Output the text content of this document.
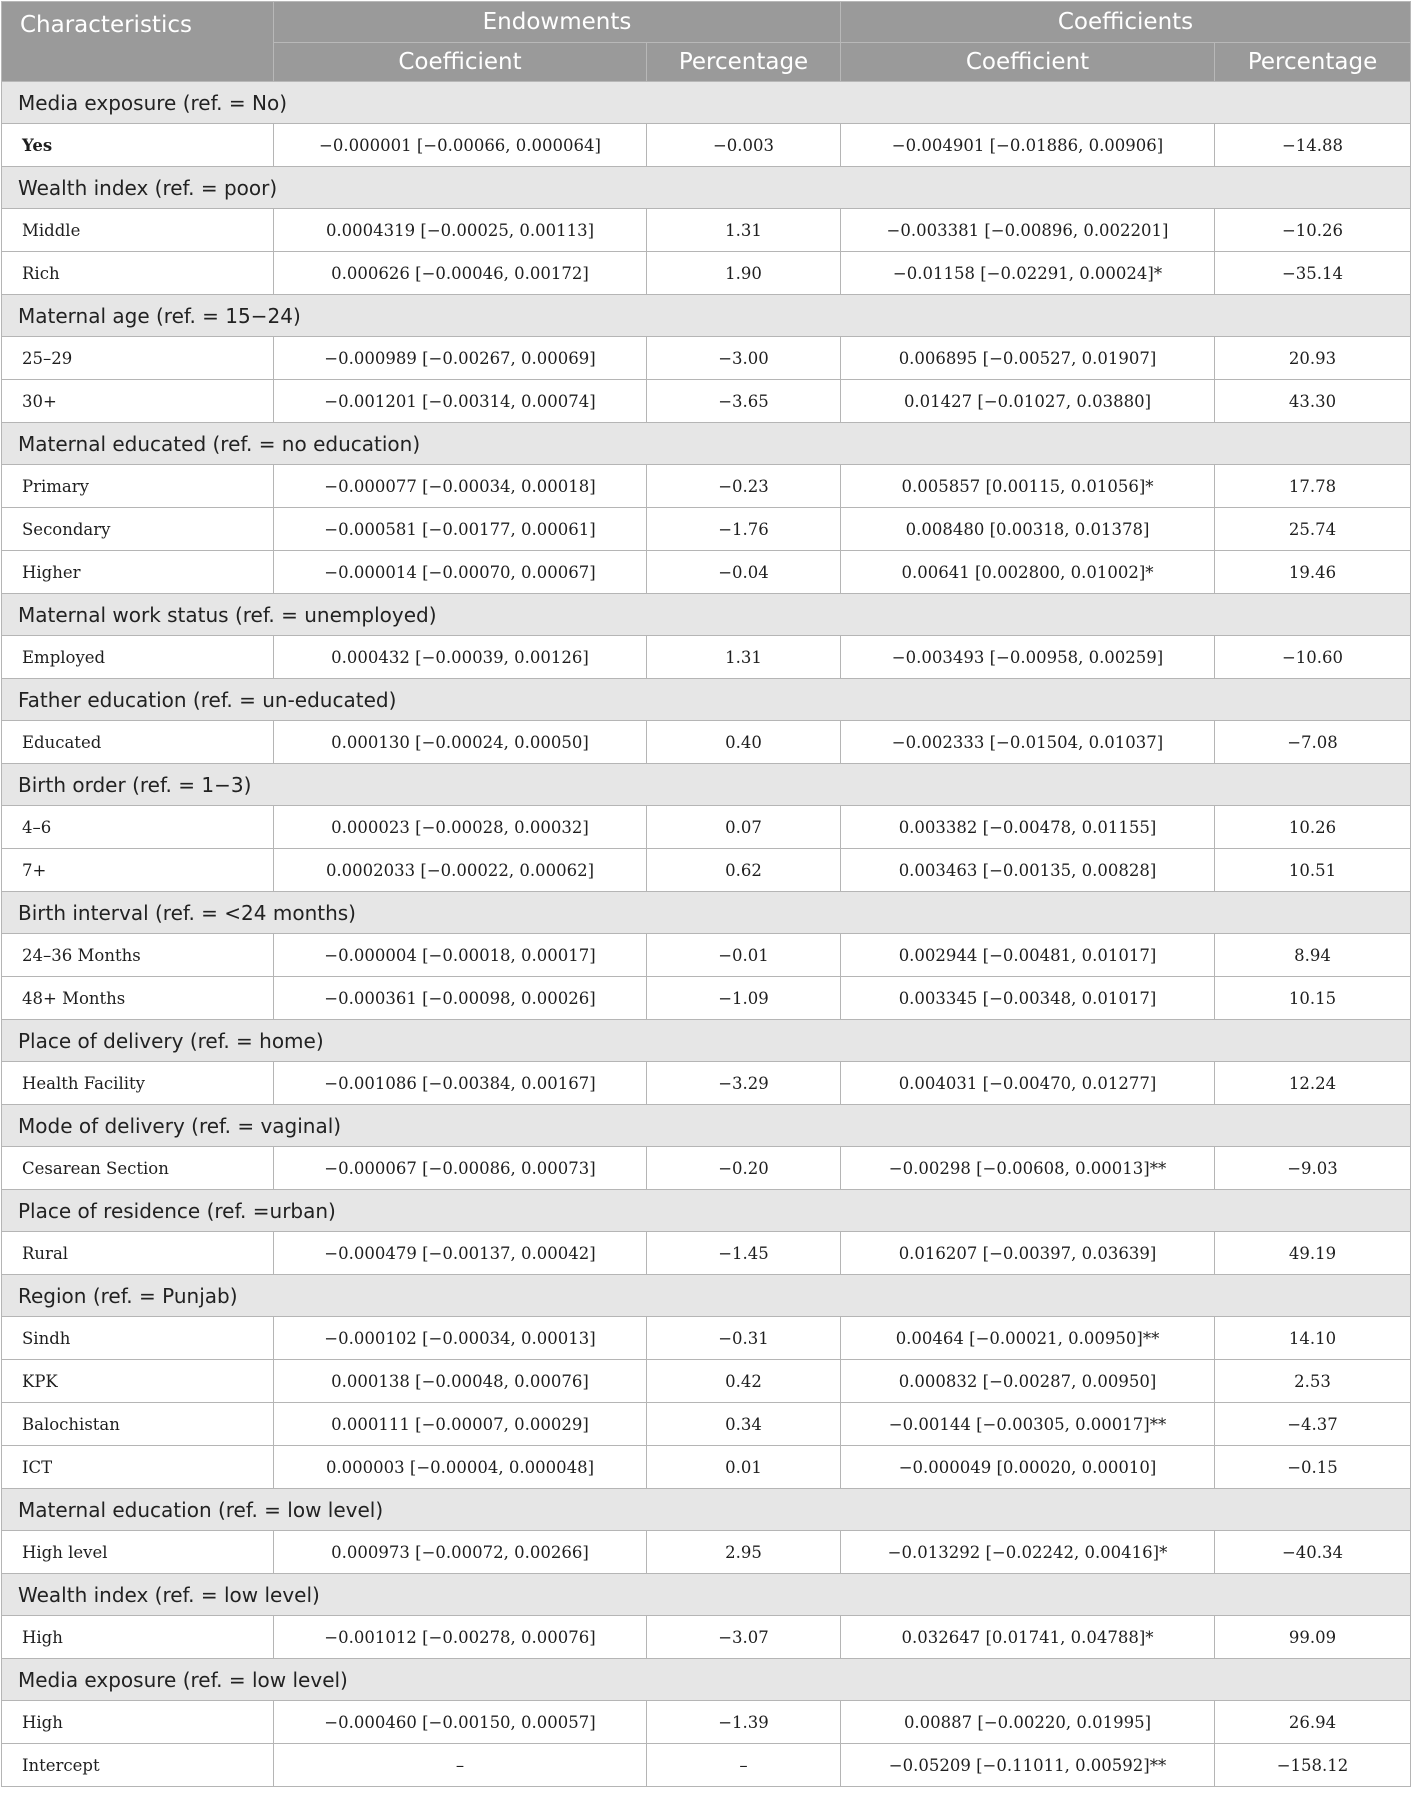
Characteristics	Endowments		Coefficients	
	Coefficient	Percentage	Coefficient	Percentage
Media exposure (ref. = No)				
Yes	−0.000001 [−0.00066, 0.000064]	−0.003	−0.004901 [−0.01886, 0.00906]	−14.88
Wealth index (ref. = poor)				
Middle	0.0004319 [−0.00025, 0.00113]	1.31	−0.003381 [−0.00896, 0.002201]	−10.26
Rich	0.000626 [−0.00046, 0.00172]	1.90	−0.01158 [−0.02291, 0.00024]*	−35.14
Maternal age (ref. = 15−24)				
25–29	−0.000989 [−0.00267, 0.00069]	−3.00	0.006895 [−0.00527, 0.01907]	20.93
30+	−0.001201 [−0.00314, 0.00074]	−3.65	0.01427 [−0.01027, 0.03880]	43.30
Maternal educated (ref. = no education)				
Primary	−0.000077 [−0.00034, 0.00018]	−0.23	0.005857 [0.00115, 0.01056]*	17.78
Secondary	−0.000581 [−0.00177, 0.00061]	−1.76	0.008480 [0.00318, 0.01378]	25.74
Higher	−0.000014 [−0.00070, 0.00067]	−0.04	0.00641 [0.002800, 0.01002]*	19.46
Maternal work status (ref. = unemployed)				
Employed	0.000432 [−0.00039, 0.00126]	1.31	−0.003493 [−0.00958, 0.00259]	−10.60
Father education (ref. = un-educated)				
Educated	0.000130 [−0.00024, 0.00050]	0.40	−0.002333 [−0.01504, 0.01037]	−7.08
Birth order (ref. = 1−3)				
4–6	0.000023 [−0.00028, 0.00032]	0.07	0.003382 [−0.00478, 0.01155]	10.26
7+	0.0002033 [−0.00022, 0.00062]	0.62	0.003463 [−0.00135, 0.00828]	10.51
Birth interval (ref. = <24 months)				
24–36 Months	−0.000004 [−0.00018, 0.00017]	−0.01	0.002944 [−0.00481, 0.01017]	8.94
48+ Months	−0.000361 [−0.00098, 0.00026]	−1.09	0.003345 [−0.00348, 0.01017]	10.15
Place of delivery (ref. = home)				
Health Facility	−0.001086 [−0.00384, 0.00167]	−3.29	0.004031 [−0.00470, 0.01277]	12.24
Mode of delivery (ref. = vaginal)				
Cesarean Section	−0.000067 [−0.00086, 0.00073]	−0.20	−0.00298 [−0.00608, 0.00013]**	−9.03
Place of residence (ref. =urban)				
Rural	−0.000479 [−0.00137, 0.00042]	−1.45	0.016207 [−0.00397, 0.03639]	49.19
Region (ref. = Punjab)				
Sindh	−0.000102 [−0.00034, 0.00013]	−0.31	0.00464 [−0.00021, 0.00950]**	14.10
KPK	0.000138 [−0.00048, 0.00076]	0.42	0.000832 [−0.00287, 0.00950]	2.53
Balochistan	0.000111 [−0.00007, 0.00029]	0.34	−0.00144 [−0.00305, 0.00017]**	−4.37
ICT	0.000003 [−0.00004, 0.000048]	0.01	−0.000049 [0.00020, 0.00010]	−0.15
Maternal education (ref. = low level)				
High level	0.000973 [−0.00072, 0.00266]	2.95	−0.013292 [−0.02242, 0.00416]*	−40.34
Wealth index (ref. = low level)				
High	−0.001012 [−0.00278, 0.00076]	−3.07	0.032647 [0.01741, 0.04788]*	99.09
Media exposure (ref. = low level)				
High	−0.000460 [−0.00150, 0.00057]	−1.39	0.00887 [−0.00220, 0.01995]	26.94
Intercept	–	–	−0.05209 [−0.11011, 0.00592]**	−158.12
